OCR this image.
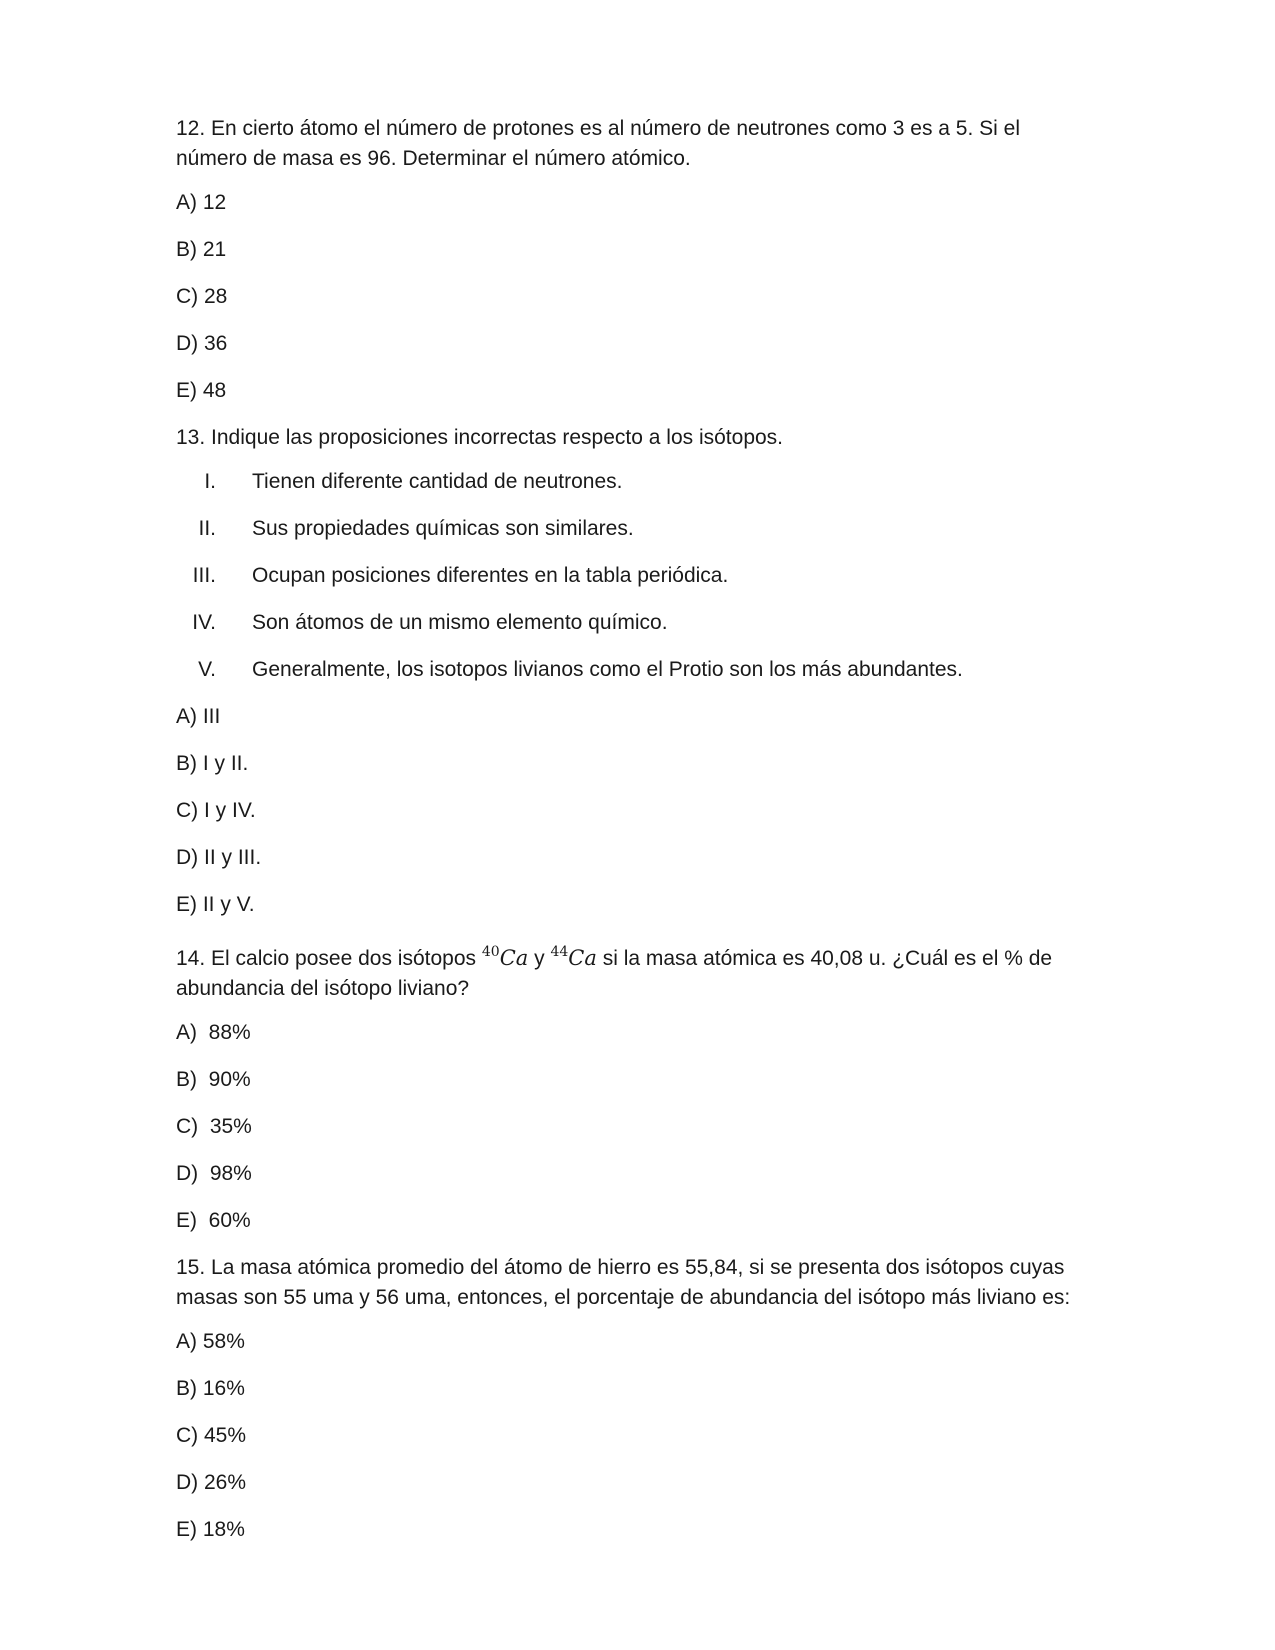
12. En cierto átomo el número de protones es al número de neutrones como 3 es a 5. Si el número de masa es 96. Determinar el número atómico.

A) 12
B) 21
C) 28
D) 36
E) 48

13. Indique las proposiciones incorrectas respecto a los isótopos.

I. Tienen diferente cantidad de neutrones.
II. Sus propiedades químicas son similares.
III. Ocupan posiciones diferentes en la tabla periódica.
IV. Son átomos de un mismo elemento químico.
V. Generalmente, los isotopos livianos como el Protio son los más abundantes.
A) III
B) I y II.
C) I y IV.
D) II y III.
E) II y V.

14. El calcio posee dos isótopos $^{40}$Ca y $^{44}$Ca si la masa atómica es 40,08 u. ¿Cuál es el % de abundancia del isótopo liviano?

A)  88%
B)  90%
C)  35%
D)  98%
E)  60%

15. La masa atómica promedio del átomo de hierro es 55,84, si se presenta dos isótopos cuyas masas son 55 uma y 56 uma, entonces, el porcentaje de abundancia del isótopo más liviano es:

A) 58%
B) 16%
C) 45%
D) 26%
E) 18%
